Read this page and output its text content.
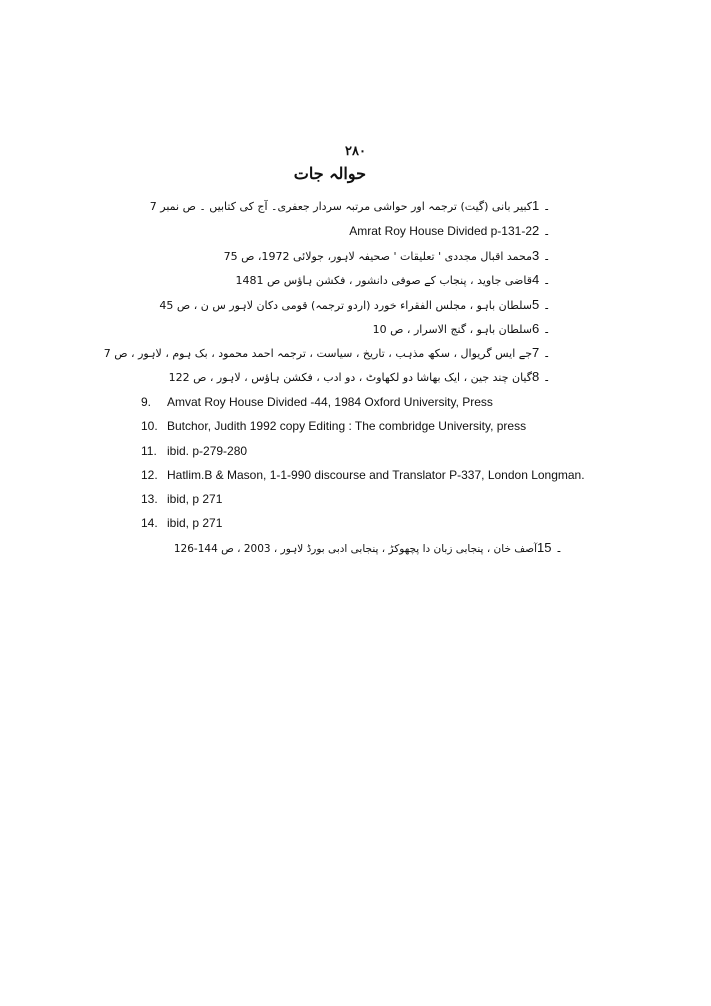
۲۸۰
حوالہ جات
1 ۔
کبیر بانی (گیت) ترجمہ اور حواشی مرتبہ سردار جعفری۔ آج کی کتابیں ۔ ص نمبر 7
2 ۔
Amrat Roy House Divided p-131-2
3 ۔
محمد اقبال مجددی ' تعلیقات ' صحیفہ لاہور، جولائی 1972، ص 75
4 ۔
قاضی جاوید ، پنجاب کے صوفی دانشور ، فکشن ہاؤس ص 1481
5 ۔
سلطان باہو ، مجلس الفقراء خورد (اردو ترجمہ) قومی دکان لاہور س ن ، ص 45
6 ۔
سلطان باہو ، گنج الاسرار ، ص 10
7 ۔
جے ایس گریوال ، سکھ مذہب ، تاریخ ، سیاست ، ترجمہ احمد محمود ، بک ہوم ، لاہور ، ص 7
8 ۔
گیان چند جین ، ایک بھاشا دو لکھاوٹ ، دو ادب ، فکشن ہاؤس ، لاہور ، ص 122
9.	Amvat Roy House Divided -44, 1984 Oxford University, Press
10. Butchor, Judith 1992 copy Editing : The combridge University, press
11. ibid. p-279-280
12. Hatlim.B & Mason, 1-1-990 discourse and Translator P-337, London Longman.
13. ibid, p 271
14. ibid, p 271
15 ۔
آصف خان ، پنجابی زبان دا پچھوکڑ ، پنجابی ادبی بورڈ لاہور ، 2003 ، ص 144-126
